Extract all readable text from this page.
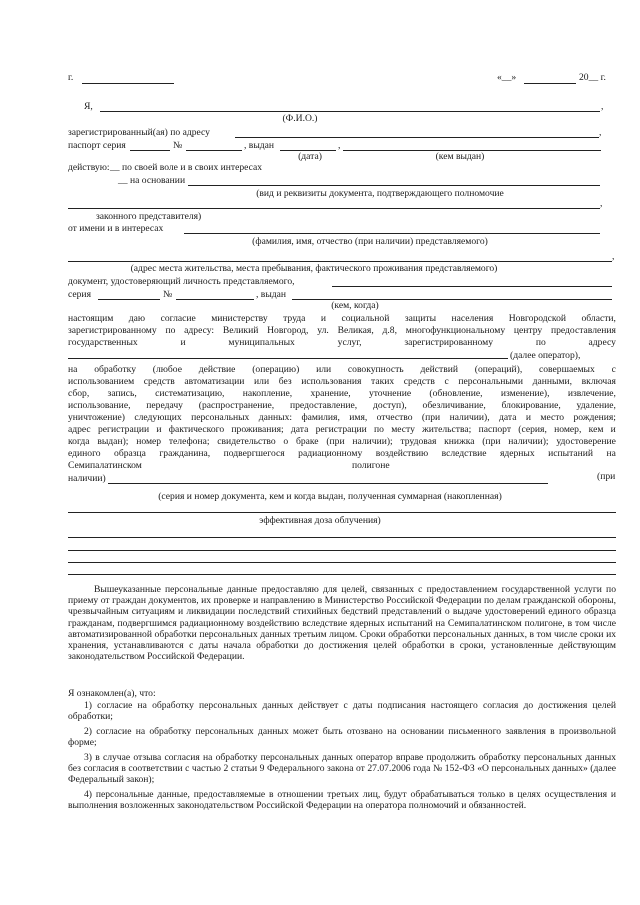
г.	«__»	20__ г.
Я,	,
(Ф.И.О.)
зарегистрированный(ая) по адресу	,
паспорт серия	№	, выдан	,
(дата)	(кем выдан)
действую: __ по своей воле и в своих интересах
__ на основании
(вид и реквизиты документа, подтверждающего полномочие
,
законного представителя)
от имени и в интересах
(фамилия, имя, отчество (при наличии) представляемого)
,
(адрес места жительства, места пребывания, фактического проживания представляемого)
документ, удостоверяющий личность представляемого,
серия	№	, выдан
(кем, когда)
настоящим даю согласие министерству труда и социальной защиты населения Новгородской области,
зарегистрированному по адресу: Великий Новгород, ул. Великая, д.8, многофункциональному центру предоставления
государственных	и	муниципальных	услуг,	зарегистрированному	по	адресу
(далее оператор),
на обработку (любое действие (операцию) или совокупность действий (операций), совершаемых с
использованием средств автоматизации или без использования таких средств с персональными данными, включая
сбор, запись, систематизацию, накопление, хранение, уточнение (обновление, изменение), извлечение,
использование, передачу (распространение, предоставление, доступ), обезличивание, блокирование, удаление,
уничтожение) следующих персональных данных: фамилия, имя, отчество (при наличии), дата и место рождения;
адрес регистрации и фактического проживания; дата регистрации по месту жительства; паспорт (серия, номер, кем и
когда выдан); номер телефона; свидетельство о браке (при наличии); трудовая книжка (при наличии); удостоверение
единого образца гражданина, подвергшегося радиационному воздействию вследствие ядерных испытаний на
Семипалатинском	полигоне
(при
наличии)
(серия и номер документа, кем и когда выдан, полученная суммарная (накопленная)
эффективная доза облучения)

Вышеуказанные персональные данные предоставляю для целей, связанных с предоставлением государственной услуги по приему от граждан документов, их проверке и направлению в Министерство Российской Федерации по делам гражданской обороны, чрезвычайным ситуациям и ликвидации последствий стихийных бедствий представлений о выдаче удостоверений единого образца гражданам, подвергшимся радиационному воздействию вследствие ядерных испытаний на Семипалатинском полигоне, в том числе автоматизированной обработки персональных данных третьим лицом. Сроки обработки персональных данных, в том числе сроки их хранения, устанавливаются с даты начала обработки до достижения целей обработки в сроки, установленные действующим законодательством Российской Федерации.

Я ознакомлен(а), что:

1) согласие на обработку персональных данных действует с даты подписания настоящего согласия до достижения целей обработки;

2) согласие на обработку персональных данных может быть отозвано на основании письменного заявления в произвольной форме;

3) в случае отзыва согласия на обработку персональных данных оператор вправе продолжить обработку персональных данных без согласия в соответствии с частью 2 статьи 9 Федерального закона от 27.07.2006 года № 152-ФЗ «О персональных данных» (далее Федеральный закон);

4) персональные данные, предоставляемые в отношении третьих лиц, будут обрабатываться только в целях осуществления и выполнения возложенных законодательством Российской Федерации на оператора полномочий и обязанностей.
